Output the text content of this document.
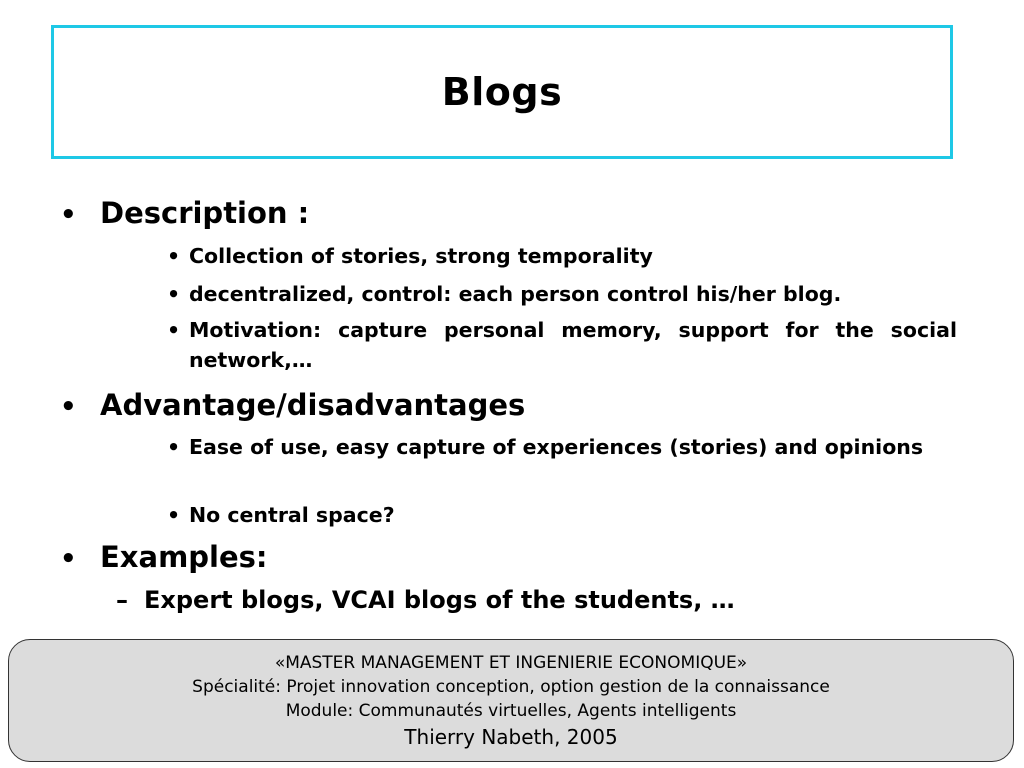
Blogs
• Description :
• Collection of stories, strong temporality
• decentralized, control: each person control his/her blog.
• Motivation: capture personal memory, support for the social network,…
• Advantage/disadvantages
• Ease of use, easy capture of experiences (stories) and opinions
• No central space?
• Examples:
– Expert blogs, VCAI blogs of the students, …
«MASTER MANAGEMENT ET INGENIERIE ECONOMIQUE»
Spécialité: Projet innovation conception, option gestion de la connaissance
Module: Communautés virtuelles, Agents intelligents
Thierry Nabeth, 2005
